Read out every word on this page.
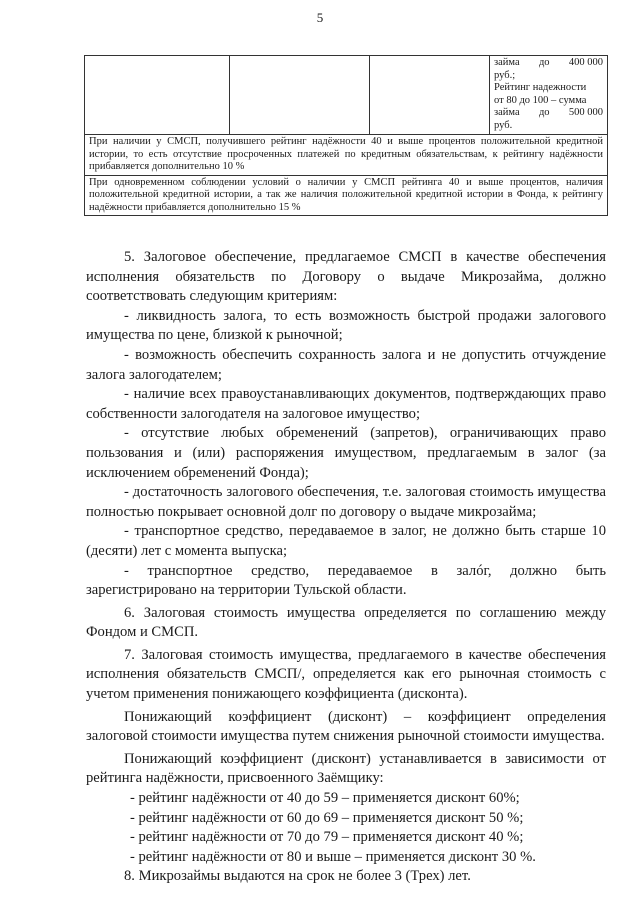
5

займа до 400 000
руб.;
Рейтинг надежности
от 80 до 100 – сумма
займа до 500 000
руб.

При наличии у СМСП, получившего рейтинг надёжности 40 и выше процентов положительной кредитной истории, то есть отсутствие просроченных платежей по кредитным обязательствам, к рейтингу надёжности прибавляется дополнительно 10 %
При одновременном соблюдении условий о наличии у СМСП рейтинга 40 и выше процентов, наличия положительной кредитной истории, а так же наличия положительной кредитной истории в Фонда, к рейтингу надёжности прибавляется дополнительно 15 %

5. Залоговое обеспечение, предлагаемое СМСП в качестве обеспечения исполнения обязательств по Договору о выдаче Микрозайма, должно соответствовать следующим критериям:

- ликвидность залога, то есть возможность быстрой продажи залогового имущества по цене, близкой к рыночной;

- возможность обеспечить сохранность залога и не допустить отчуждение залога залогодателем;

- наличие всех правоустанавливающих документов, подтверждающих право собственности залогодателя на залоговое имущество;

- отсутствие любых обременений (запретов), ограничивающих право пользования и (или) распоряжения имуществом, предлагаемым в залог (за исключением обременений Фонда);

- достаточность залогового обеспечения, т.е. залоговая стоимость имущества полностью покрывает основной долг по договору о выдаче микрозайма;

- транспортное средство, передаваемое в залог, не должно быть старше 10 (десяти) лет с момента выпуска;

- транспортное средство, передаваемое в залóг, должно быть зарегистрировано на территории Тульской области.

6. Залоговая стоимость имущества определяется по соглашению между Фондом и СМСП.

7. Залоговая стоимость имущества, предлагаемого в качестве обеспечения исполнения обязательств СМСП/, определяется как его рыночная стоимость с учетом применения понижающего коэффициента (дисконта).

Понижающий коэффициент (дисконт) – коэффициент определения залоговой стоимости имущества путем снижения рыночной стоимости имущества.

Понижающий коэффициент (дисконт) устанавливается в зависимости от рейтинга надёжности, присвоенного Заёмщику:

- рейтинг надёжности от 40 до 59 – применяется дисконт 60%;
- рейтинг надёжности от 60 до 69 – применяется дисконт 50 %;
- рейтинг надёжности от 70 до 79 – применяется дисконт 40 %;
- рейтинг надёжности от 80 и выше – применяется дисконт 30 %.

8. Микрозаймы выдаются на срок не более 3 (Трех) лет.
